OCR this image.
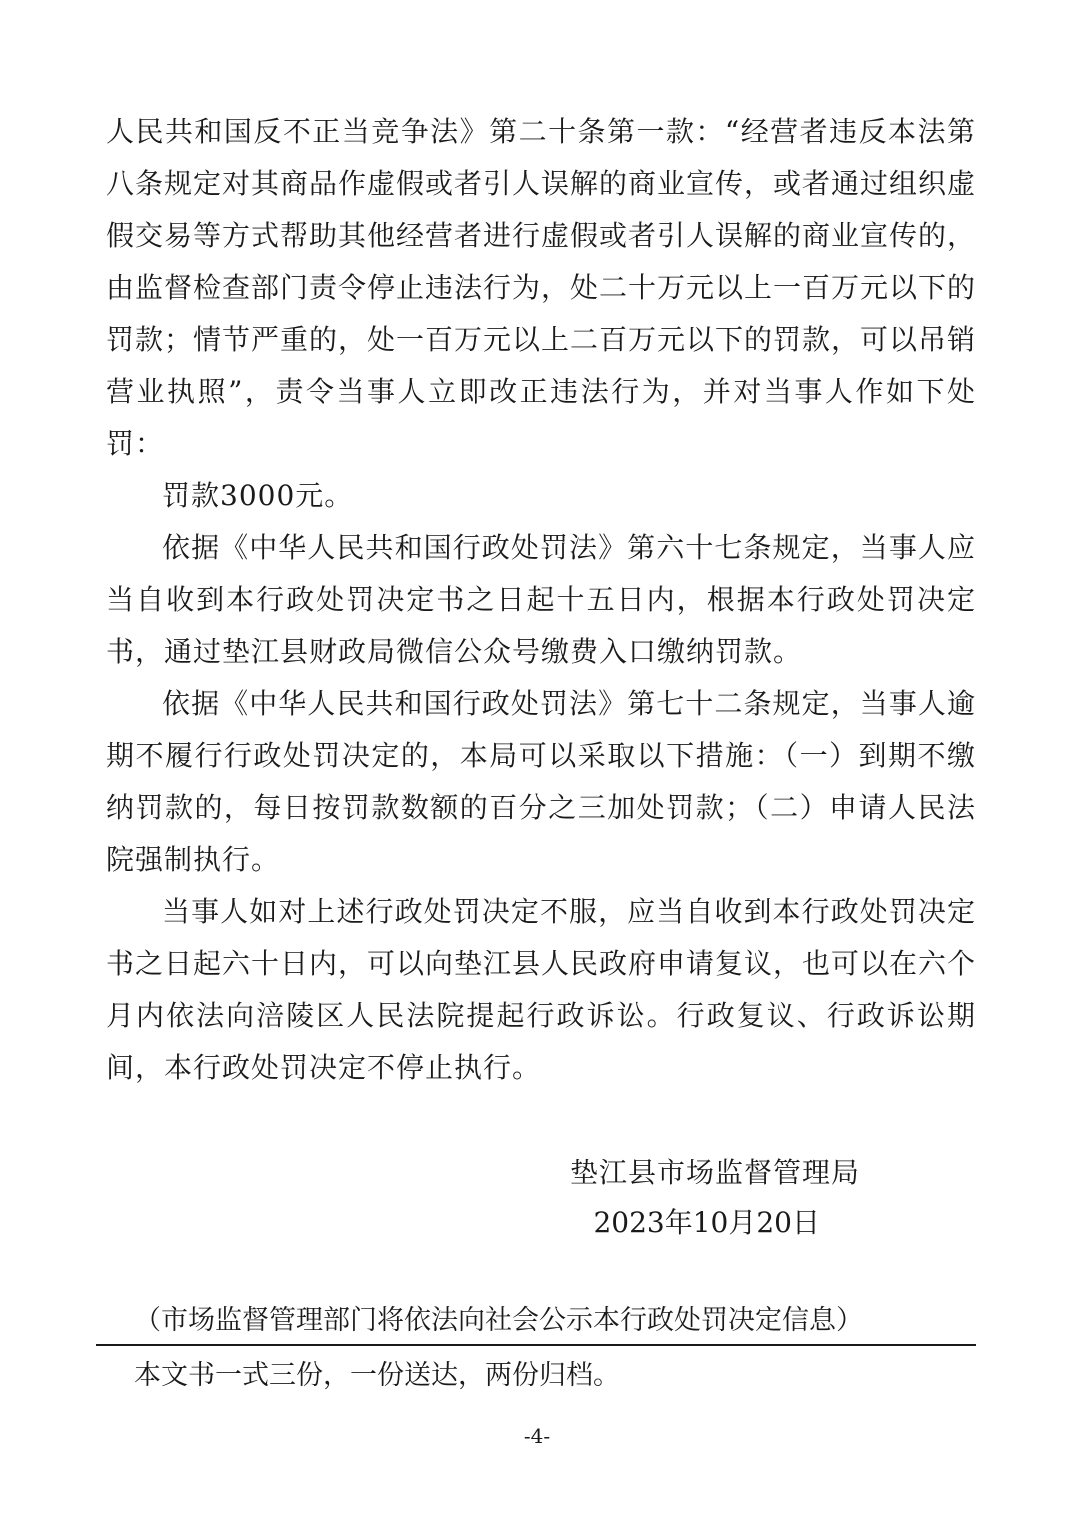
人民共和国反不正当竞争法》第二十条第一款：“经营者违反本法第八条规定对其商品作虚假或者引人误解的商业宣传，或者通过组织虚假交易等方式帮助其他经营者进行虚假或者引人误解的商业宣传的，由监督检查部门责令停止违法行为，处二十万元以上一百万元以下的罚款；情节严重的，处一百万元以上二百万元以下的罚款，可以吊销营业执照”，责令当事人立即改正违法行为，并对当事人作如下处罚：

罚款3000元。

依据《中华人民共和国行政处罚法》第六十七条规定，当事人应当自收到本行政处罚决定书之日起十五日内，根据本行政处罚决定书，通过垫江县财政局微信公众号缴费入口缴纳罚款。

依据《中华人民共和国行政处罚法》第七十二条规定，当事人逾期不履行行政处罚决定的，本局可以采取以下措施：（一）到期不缴纳罚款的，每日按罚款数额的百分之三加处罚款；（二）申请人民法院强制执行。

当事人如对上述行政处罚决定不服，应当自收到本行政处罚决定书之日起六十日内，可以向垫江县人民政府申请复议，也可以在六个月内依法向涪陵区人民法院提起行政诉讼。行政复议、行政诉讼期间，本行政处罚决定不停止执行。

垫江县市场监督管理局
2023年10月20日
（市场监督管理部门将依法向社会公示本行政处罚决定信息）
本文书一式三份，一份送达，两份归档。
-4-
